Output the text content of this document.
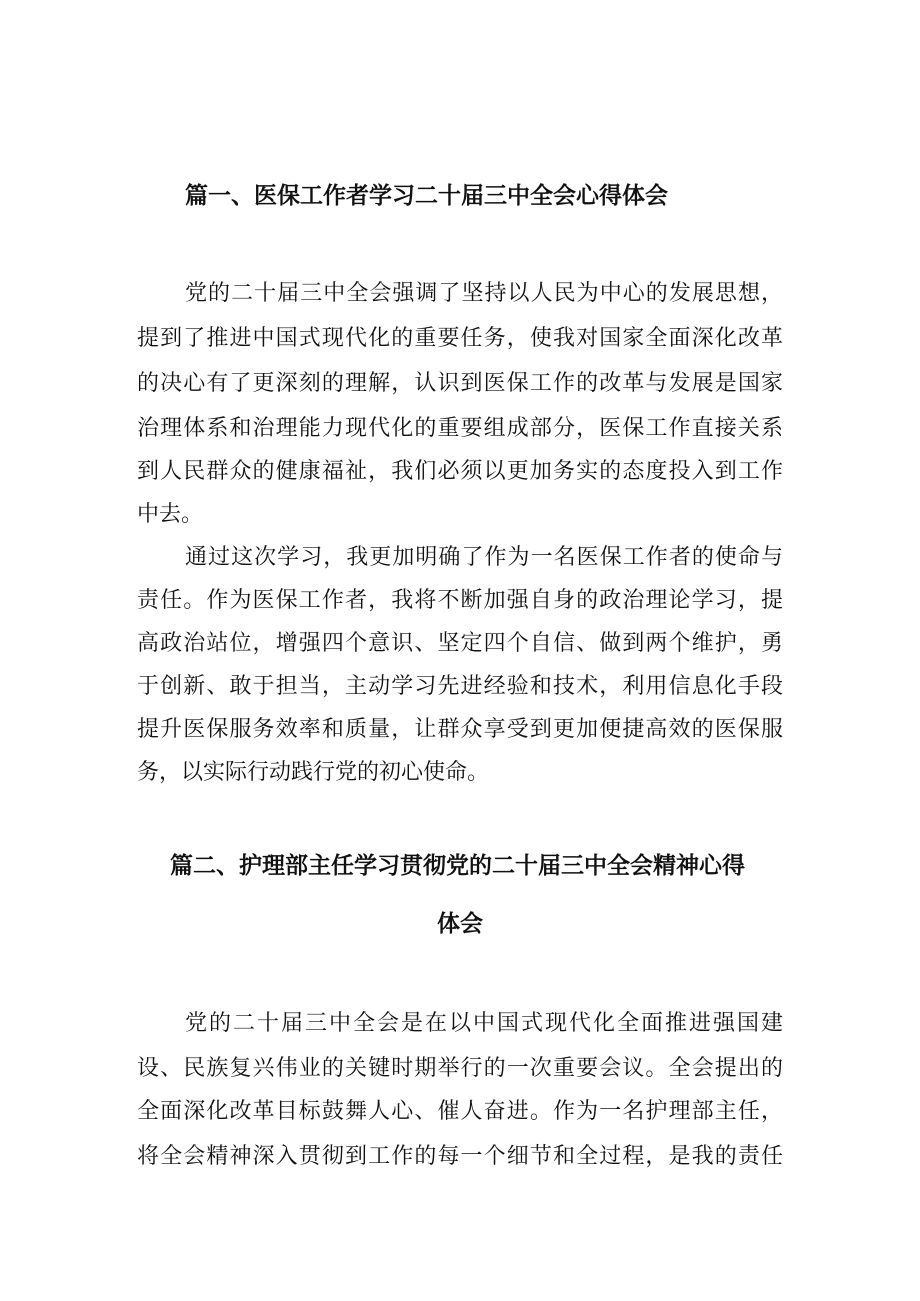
篇一、医保工作者学习二十届三中全会心得体会
党的二十届三中全会强调了坚持以人民为中心的发展思想，
提到了推进中国式现代化的重要任务，使我对国家全面深化改革
的决心有了更深刻的理解，认识到医保工作的改革与发展是国家
治理体系和治理能力现代化的重要组成部分，医保工作直接关系
到人民群众的健康福祉，我们必须以更加务实的态度投入到工作
中去。
通过这次学习，我更加明确了作为一名医保工作者的使命与
责任。作为医保工作者，我将不断加强自身的政治理论学习，提
高政治站位，增强四个意识、坚定四个自信、做到两个维护，勇
于创新、敢于担当，主动学习先进经验和技术，利用信息化手段
提升医保服务效率和质量，让群众享受到更加便捷高效的医保服
务，以实际行动践行党的初心使命。
篇二、护理部主任学习贯彻党的二十届三中全会精神心得
体会
党的二十届三中全会是在以中国式现代化全面推进强国建
设、民族复兴伟业的关键时期举行的一次重要会议。全会提出的
全面深化改革目标鼓舞人心、催人奋进。作为一名护理部主任，
将全会精神深入贯彻到工作的每一个细节和全过程，是我的责任
